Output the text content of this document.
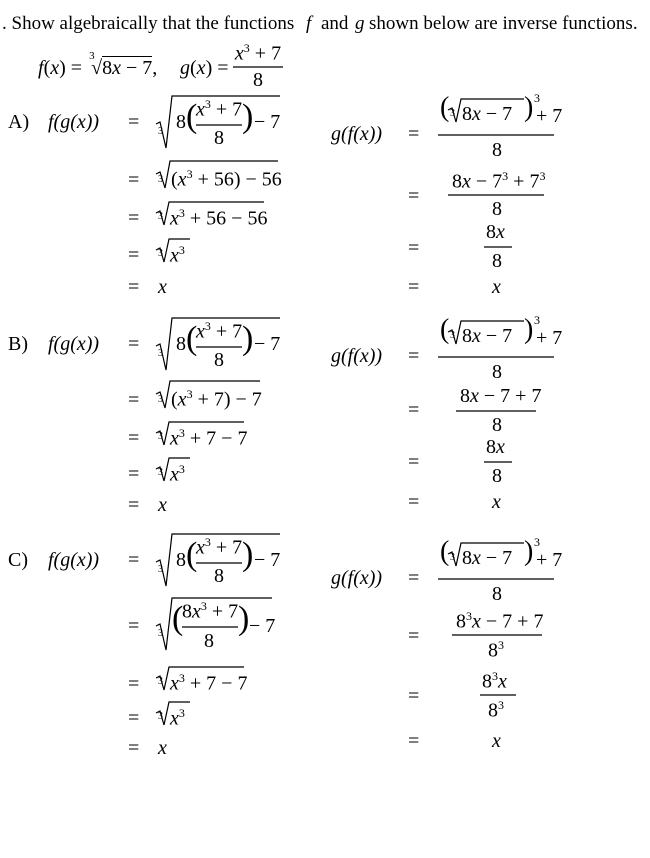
. Show algebraically that the functions f and g shown below are inverse functions.
f(x) =
3
√8x − 7, g(x) =
$x^3 + 7$
8
A) f(g(x)) = 3 8 (
$x^3 + 7$
8
) − 7
= 3 $(x^3 + 56) - 56$
= 3 $x^3 + 56 - 56$
= 3 $x^3$
= x
g(f(x)) =
( 3 8x − 7 ) 3
+ 7
8
=
$8x - 7^3 + 7^3$
8
=
8x
8
=	x
B) f(g(x)) = 3 8 (
$x^3 + 7$
8
) − 7
= 3 $(x^3 + 7) - 7$
= 3 $x^3 + 7 - 7$
= 3 $x^3$
= x
g(f(x)) =
( 3 8x − 7 ) 3
+ 7
8
=
8x − 7 + 7
8
=
8x
8
=	x
C) f(g(x)) = 3 8 (
$x^3 + 7$
8
) − 7
= 3 (
$8x^3 + 7$
8
) − 7
= 3 $x^3 + 7 - 7$
= 3 $x^3$
= x
g(f(x)) =
( 3 8x − 7 ) 3
+ 7
8
=
$8^3x - 7 + 7$
$8^3$
=
$8^3x$
$8^3$
=	x
